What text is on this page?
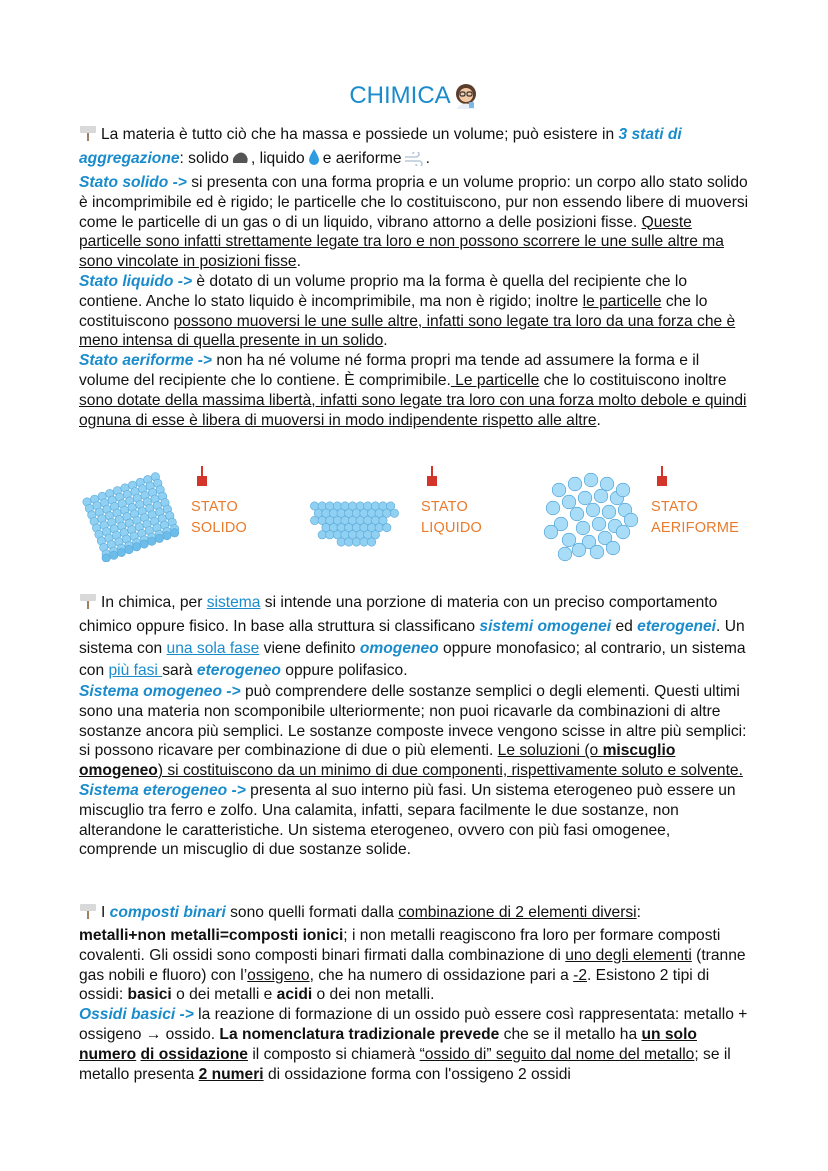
CHIMICA

La materia è tutto ciò che ha massa e possiede un volume; può esistere in 3 stati di aggregazione: solido , liquido e aeriforme .

Stato solido -> si presenta con una forma propria e un volume proprio: un corpo allo stato solido è incomprimibile ed è rigido; le particelle che lo costituiscono, pur non essendo libere di muoversi come le particelle di un gas o di un liquido, vibrano attorno a delle posizioni fisse. Queste particelle sono infatti strettamente legate tra loro e non possono scorrere le une sulle altre ma sono vincolate in posizioni fisse.

Stato liquido -> è dotato di un volume proprio ma la forma è quella del recipiente che lo contiene. Anche lo stato liquido è incomprimibile, ma non è rigido; inoltre le particelle che lo costituiscono possono muoversi le une sulle altre, infatti sono legate tra loro da una forza che è meno intensa di quella presente in un solido.

Stato aeriforme -> non ha né volume né forma propri ma tende ad assumere la forma e il volume del recipiente che lo contiene. È comprimibile. Le particelle che lo costituiscono inoltre sono dotate della massima libertà, infatti sono legate tra loro con una forza molto debole e quindi ognuna di esse è libera di muoversi in modo indipendente rispetto alle altre.

STATO
SOLIDO
STATO
LIQUIDO
STATO
AERIFORME

In chimica, per sistema si intende una porzione di materia con un preciso comportamento chimico oppure fisico. In base alla struttura si classificano sistemi omogenei ed eterogenei. Un sistema con una sola fase viene definito omogeneo oppure monofasico; al contrario, un sistema con più fasi sarà eterogeneo oppure polifasico.

Sistema omogeneo -> può comprendere delle sostanze semplici o degli elementi. Questi ultimi sono una materia non scomponibile ulteriormente; non puoi ricavarle da combinazioni di altre sostanze ancora più semplici. Le sostanze composte invece vengono scisse in altre più semplici: si possono ricavare per combinazione di due o più elementi. Le soluzioni (o miscuglio omogeneo) si costituiscono da un minimo di due componenti, rispettivamente soluto e solvente.

Sistema eterogeneo -> presenta al suo interno più fasi. Un sistema eterogeneo può essere un miscuglio tra ferro e zolfo. Una calamita, infatti, separa facilmente le due sostanze, non alterandone le caratteristiche. Un sistema eterogeneo, ovvero con più fasi omogenee, comprende un miscuglio di due sostanze solide.

I composti binari sono quelli formati dalla combinazione di 2 elementi diversi:

metalli+non metalli=composti ionici; i non metalli reagiscono fra loro per formare composti covalenti. Gli ossidi sono composti binari firmati dalla combinazione di uno degli elementi (tranne gas nobili e fluoro) con l’ossigeno, che ha numero di ossidazione pari a -2. Esistono 2 tipi di ossidi: basici o dei metalli e acidi o dei non metalli.

Ossidi basici -> la reazione di formazione di un ossido può essere così rappresentata: metallo + ossigeno → ossido. La nomenclatura tradizionale prevede che se il metallo ha un solo numero di ossidazione il composto si chiamerà “ossido di” seguito dal nome del metallo; se il metallo presenta 2 numeri di ossidazione forma con l'ossigeno 2 ossidi
